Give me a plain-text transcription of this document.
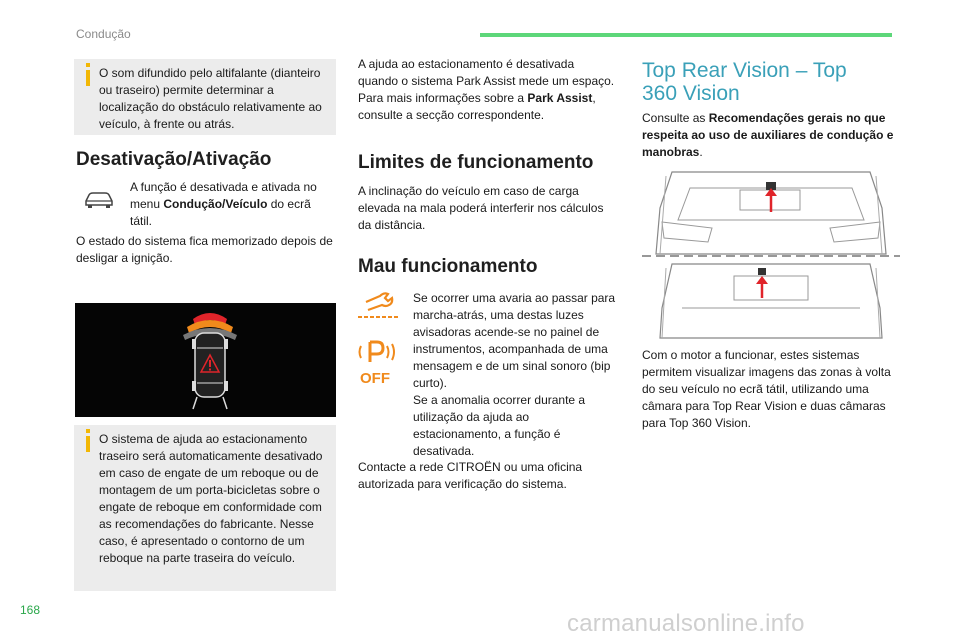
Condução

O som difundido pelo altifalante (dianteiro ou traseiro) permite determinar a localização do obstáculo relativamente ao veículo, à frente ou atrás.

Desativação/Ativação

A função é desativada e ativada no menu Condução/Veículo do ecrã tátil.

O estado do sistema fica memorizado depois de desligar a ignição.

O sistema de ajuda ao estacionamento traseiro será automaticamente desativado em caso de engate de um reboque ou de montagem de um porta-bicicletas sobre o engate de reboque em conformidade com as recomendações do fabricante. Nesse caso, é apresentado o contorno de um reboque na parte traseira do veículo.

A ajuda ao estacionamento é desativada quando o sistema Park Assist mede um espaço.

Para mais informações sobre a Park Assist, consulte a secção correspondente.

Limites de funcionamento

A inclinação do veículo em caso de carga elevada na mala poderá interferir nos cálculos da distância.

Mau funcionamento
OFF

Se ocorrer uma avaria ao passar para marcha-atrás, uma destas luzes avisadoras acende-se no painel de instrumentos, acompanhada de uma mensagem e de um sinal sonoro (bip curto).

Se a anomalia ocorrer durante a utilização da ajuda ao estacionamento, a função é desativada.

Contacte a rede CITROËN ou uma oficina autorizada para verificação do sistema.

Top Rear Vision – Top 360 Vision

Consulte as Recomendações gerais no que respeita ao uso de auxiliares de condução e manobras.

Com o motor a funcionar, estes sistemas permitem visualizar imagens das zonas à volta do seu veículo no ecrã tátil, utilizando uma câmara para Top Rear Vision e duas câmaras para Top 360 Vision.

168	carmanualsonline.info
